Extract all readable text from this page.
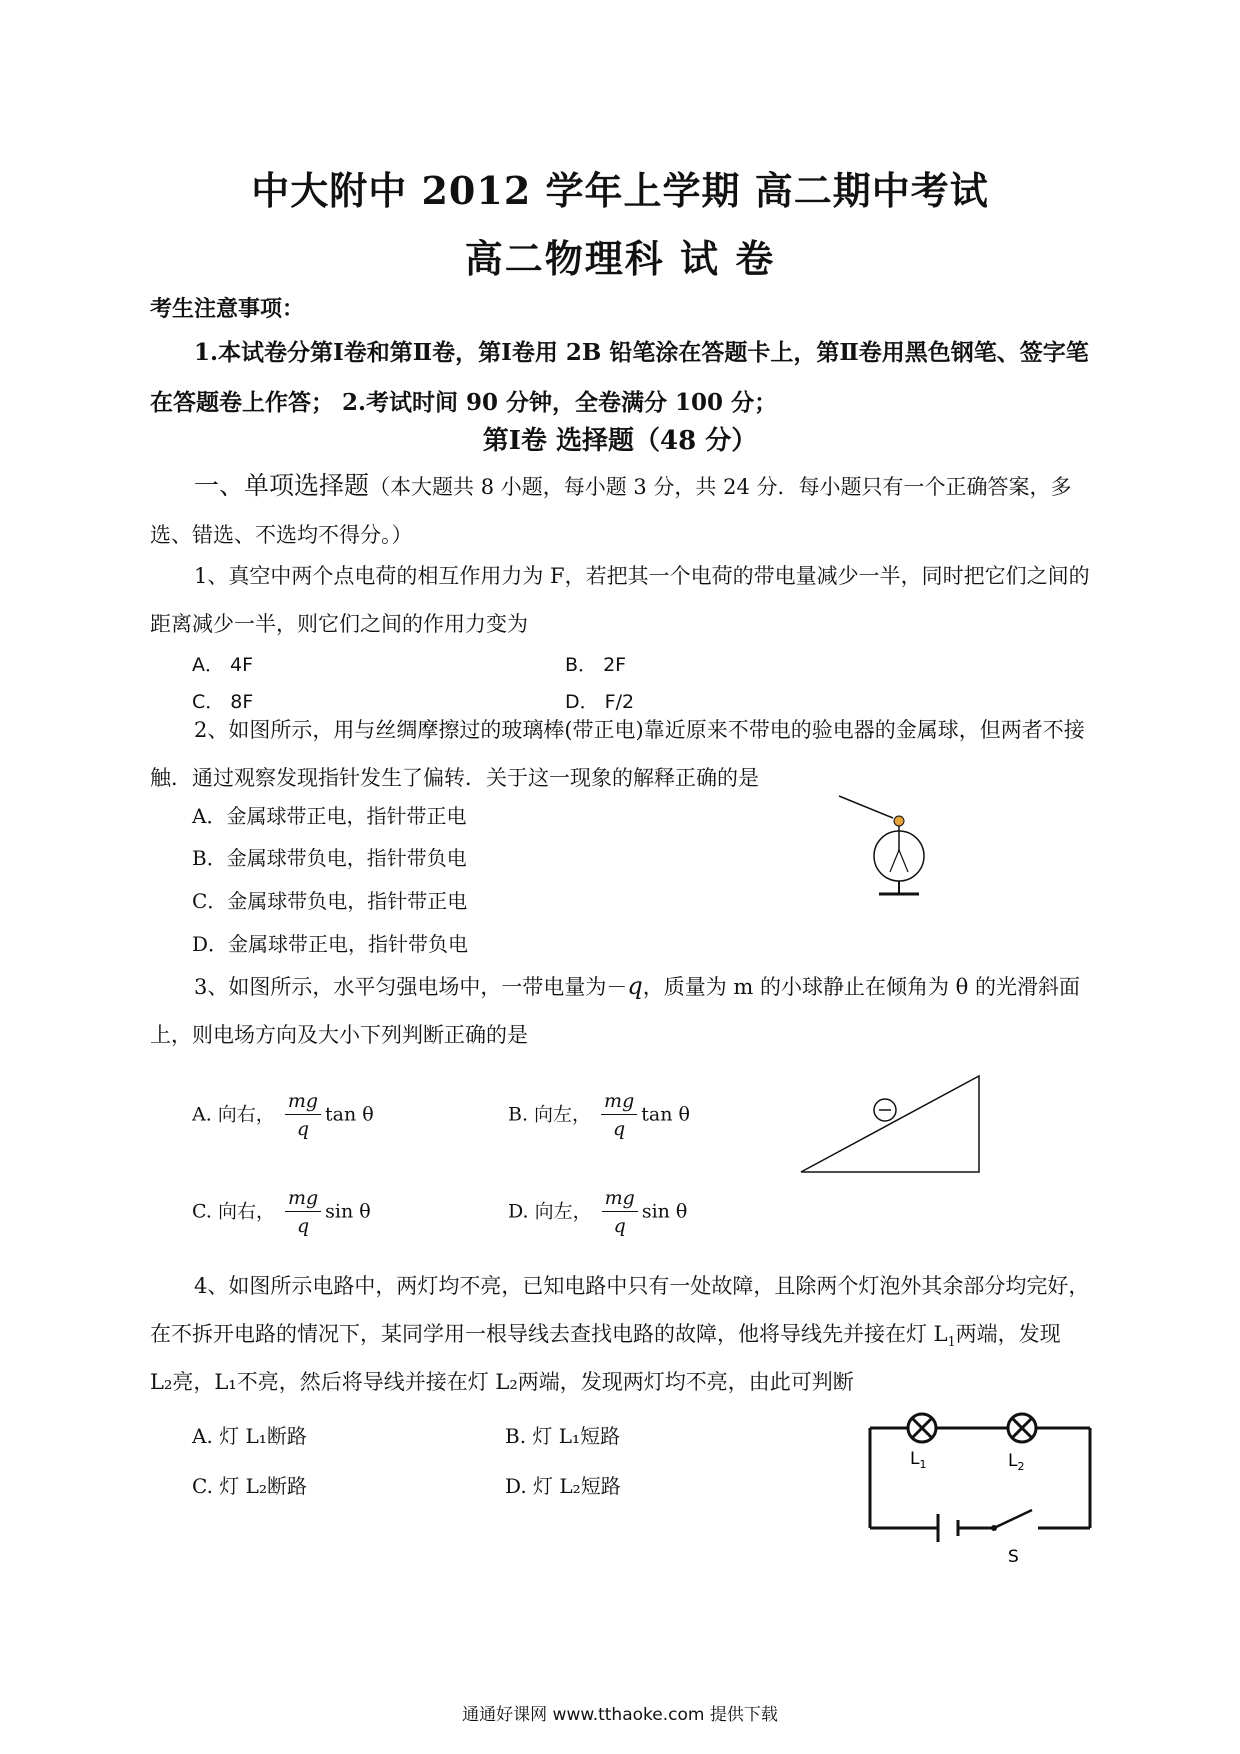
中大附中 2012 学年上学期 高二期中考试
高二物理科 试 卷
考生注意事项：
1.本试卷分第Ⅰ卷和第Ⅱ卷，第Ⅰ卷用 2B 铅笔涂在答题卡上，第Ⅱ卷用黑色钢笔、签字笔在答题卷上作答； 2.考试时间 90 分钟，全卷满分 100 分；
第Ⅰ卷 选择题（48 分）
一、单项选择题（本大题共 8 小题，每小题 3 分，共 24 分．每小题只有一个正确答案，多选、错选、不选均不得分。）
1、真空中两个点电荷的相互作用力为 F，若把其一个电荷的带电量减少一半，同时把它们之间的距离减少一半，则它们之间的作用力变为
A． 4F	B． 2F
C． 8F	D． F/2
2、如图所示，用与丝绸摩擦过的玻璃棒(带正电)靠近原来不带电的验电器的金属球，但两者不接触．通过观察发现指针发生了偏转．关于这一现象的解释正确的是
A．金属球带正电，指针带正电
B．金属球带负电，指针带负电
C．金属球带负电，指针带正电
D．金属球带正电，指针带负电
3、如图所示，水平匀强电场中，一带电量为－q，质量为 m 的小球静止在倾角为 θ 的光滑斜面上，则电场方向及大小下列判断正确的是
A. 向右， $\frac{mg}{q}$ tan θ	B. 向左， $\frac{mg}{q}$ tan θ
C. 向右， $\frac{mg}{q}$ sin θ	D. 向左， $\frac{mg}{q}$ sin θ
4、如图所示电路中，两灯均不亮，已知电路中只有一处故障，且除两个灯泡外其余部分均完好，在不拆开电路的情况下，某同学用一根导线去查找电路的故障，他将导线先并接在灯 $L_1$两端，发现
L₂亮，L₁不亮，然后将导线并接在灯 L₂两端，发现两灯均不亮，由此可判断
A. 灯 L₁断路	B. 灯 L₁短路
C. 灯 L₂断路	D. 灯 L₂短路
$L_1$	$L_2$
S
通通好课网 www.tthaoke.com 提供下载
